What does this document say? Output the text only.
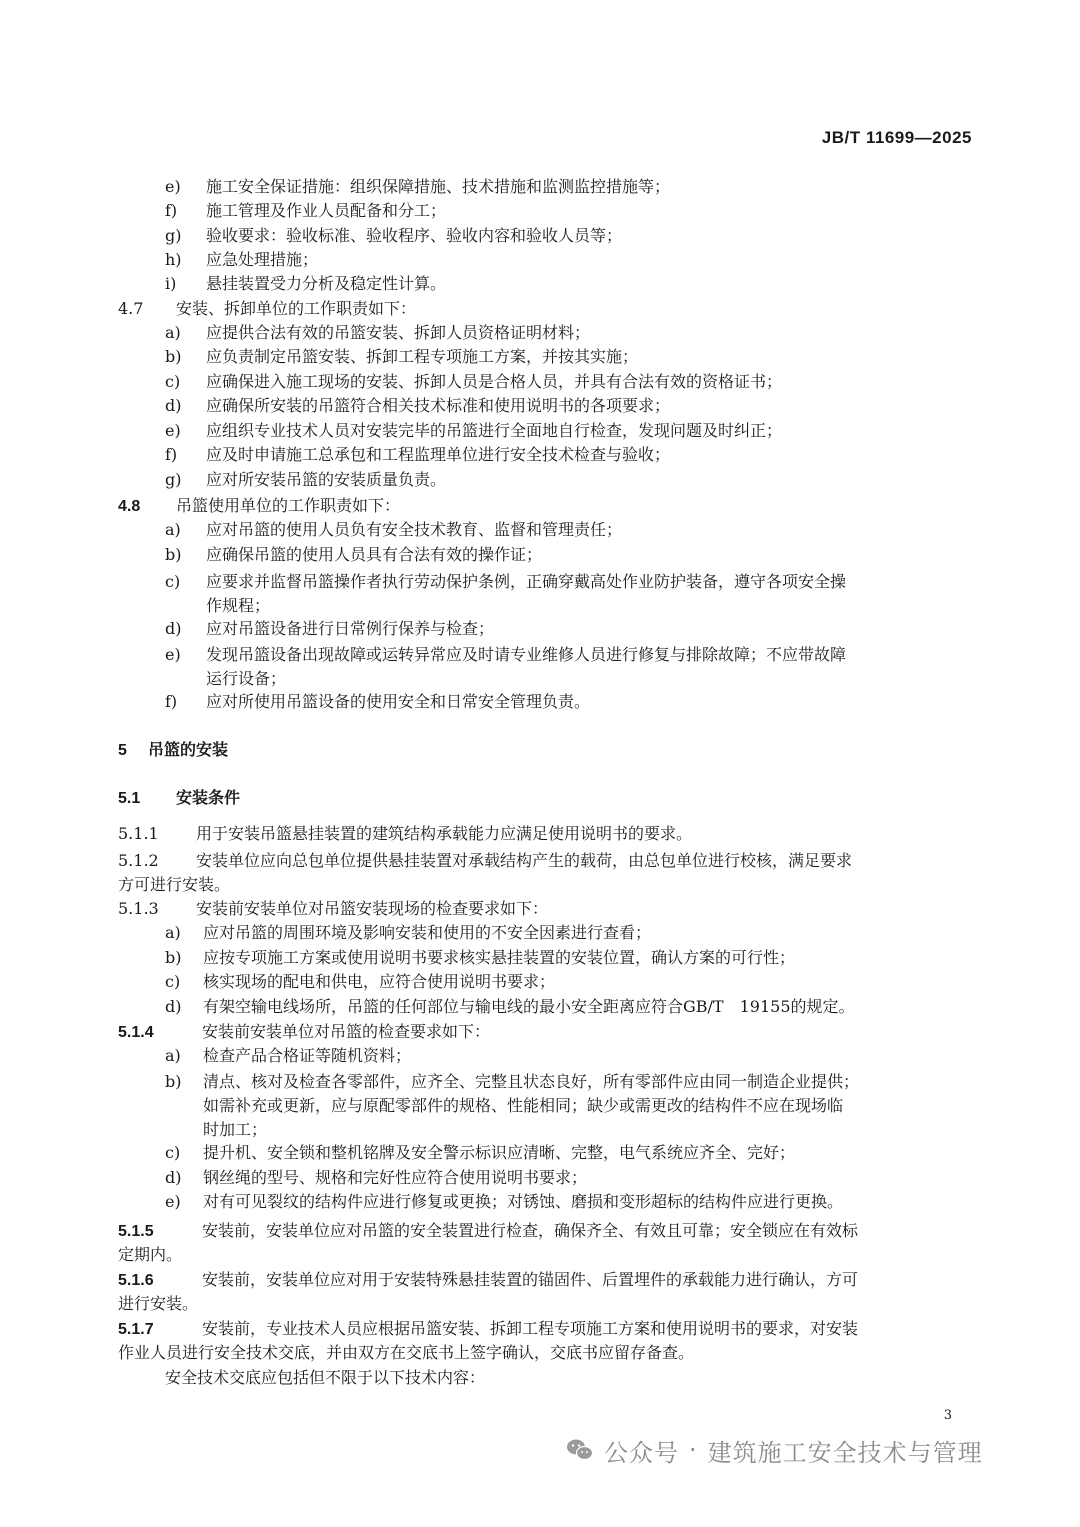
JB/T 11699—2025
e) 施工安全保证措施：组织保障措施、技术措施和监测监控措施等；
f) 施工管理及作业人员配备和分工；
g) 验收要求：验收标准、验收程序、验收内容和验收人员等；
h) 应急处理措施；
i) 悬挂装置受力分析及稳定性计算。
4.7 安装、拆卸单位的工作职责如下：
a) 应提供合法有效的吊篮安装、拆卸人员资格证明材料；
b) 应负责制定吊篮安装、拆卸工程专项施工方案，并按其实施；
c) 应确保进入施工现场的安装、拆卸人员是合格人员，并具有合法有效的资格证书；
d) 应确保所安装的吊篮符合相关技术标准和使用说明书的各项要求；
e) 应组织专业技术人员对安装完毕的吊篮进行全面地自行检查，发现问题及时纠正；
f) 应及时申请施工总承包和工程监理单位进行安全技术检查与验收；
g) 应对所安装吊篮的安装质量负责。
4.8 吊篮使用单位的工作职责如下：
a) 应对吊篮的使用人员负有安全技术教育、监督和管理责任；
b) 应确保吊篮的使用人员具有合法有效的操作证；
c) 应要求并监督吊篮操作者执行劳动保护条例，正确穿戴高处作业防护装备，遵守各项安全操
作规程；
d) 应对吊篮设备进行日常例行保养与检查；
e) 发现吊篮设备出现故障或运转异常应及时请专业维修人员进行修复与排除故障；不应带故障
运行设备；
f) 应对所使用吊篮设备的使用安全和日常安全管理负责。
5 吊篮的安装
5.1 安装条件
5.1.1 用于安装吊篮悬挂装置的建筑结构承载能力应满足使用说明书的要求。
5.1.2 安装单位应向总包单位提供悬挂装置对承载结构产生的载荷，由总包单位进行校核，满足要求
方可进行安装。
5.1.3 安装前安装单位对吊篮安装现场的检查要求如下：
a) 应对吊篮的周围环境及影响安装和使用的不安全因素进行查看；
b) 应按专项施工方案或使用说明书要求核实悬挂装置的安装位置，确认方案的可行性；
c) 核实现场的配电和供电，应符合使用说明书要求；
d) 有架空输电线场所，吊篮的任何部位与输电线的最小安全距离应符合GB/T　19155的规定。
5.1.4	安装前安装单位对吊篮的检查要求如下：
a) 检查产品合格证等随机资料；
b) 清点、核对及检查各零部件，应齐全、完整且状态良好，所有零部件应由同一制造企业提供；
如需补充或更新，应与原配零部件的规格、性能相同；缺少或需更改的结构件不应在现场临
时加工；
c) 提升机、安全锁和整机铭牌及安全警示标识应清晰、完整，电气系统应齐全、完好；
d) 钢丝绳的型号、规格和完好性应符合使用说明书要求；
e) 对有可见裂纹的结构件应进行修复或更换；对锈蚀、磨损和变形超标的结构件应进行更换。
5.1.5	安装前，安装单位应对吊篮的安全装置进行检查，确保齐全、有效且可靠；安全锁应在有效标
定期内。
5.1.6	安装前，安装单位应对用于安装特殊悬挂装置的锚固件、后置埋件的承载能力进行确认，方可
进行安装。
5.1.7	安装前，专业技术人员应根据吊篮安装、拆卸工程专项施工方案和使用说明书的要求，对安装
作业人员进行安全技术交底，并由双方在交底书上签字确认，交底书应留存备查。
安全技术交底应包括但不限于以下技术内容：
3
公众号 · 建筑施工安全技术与管理
